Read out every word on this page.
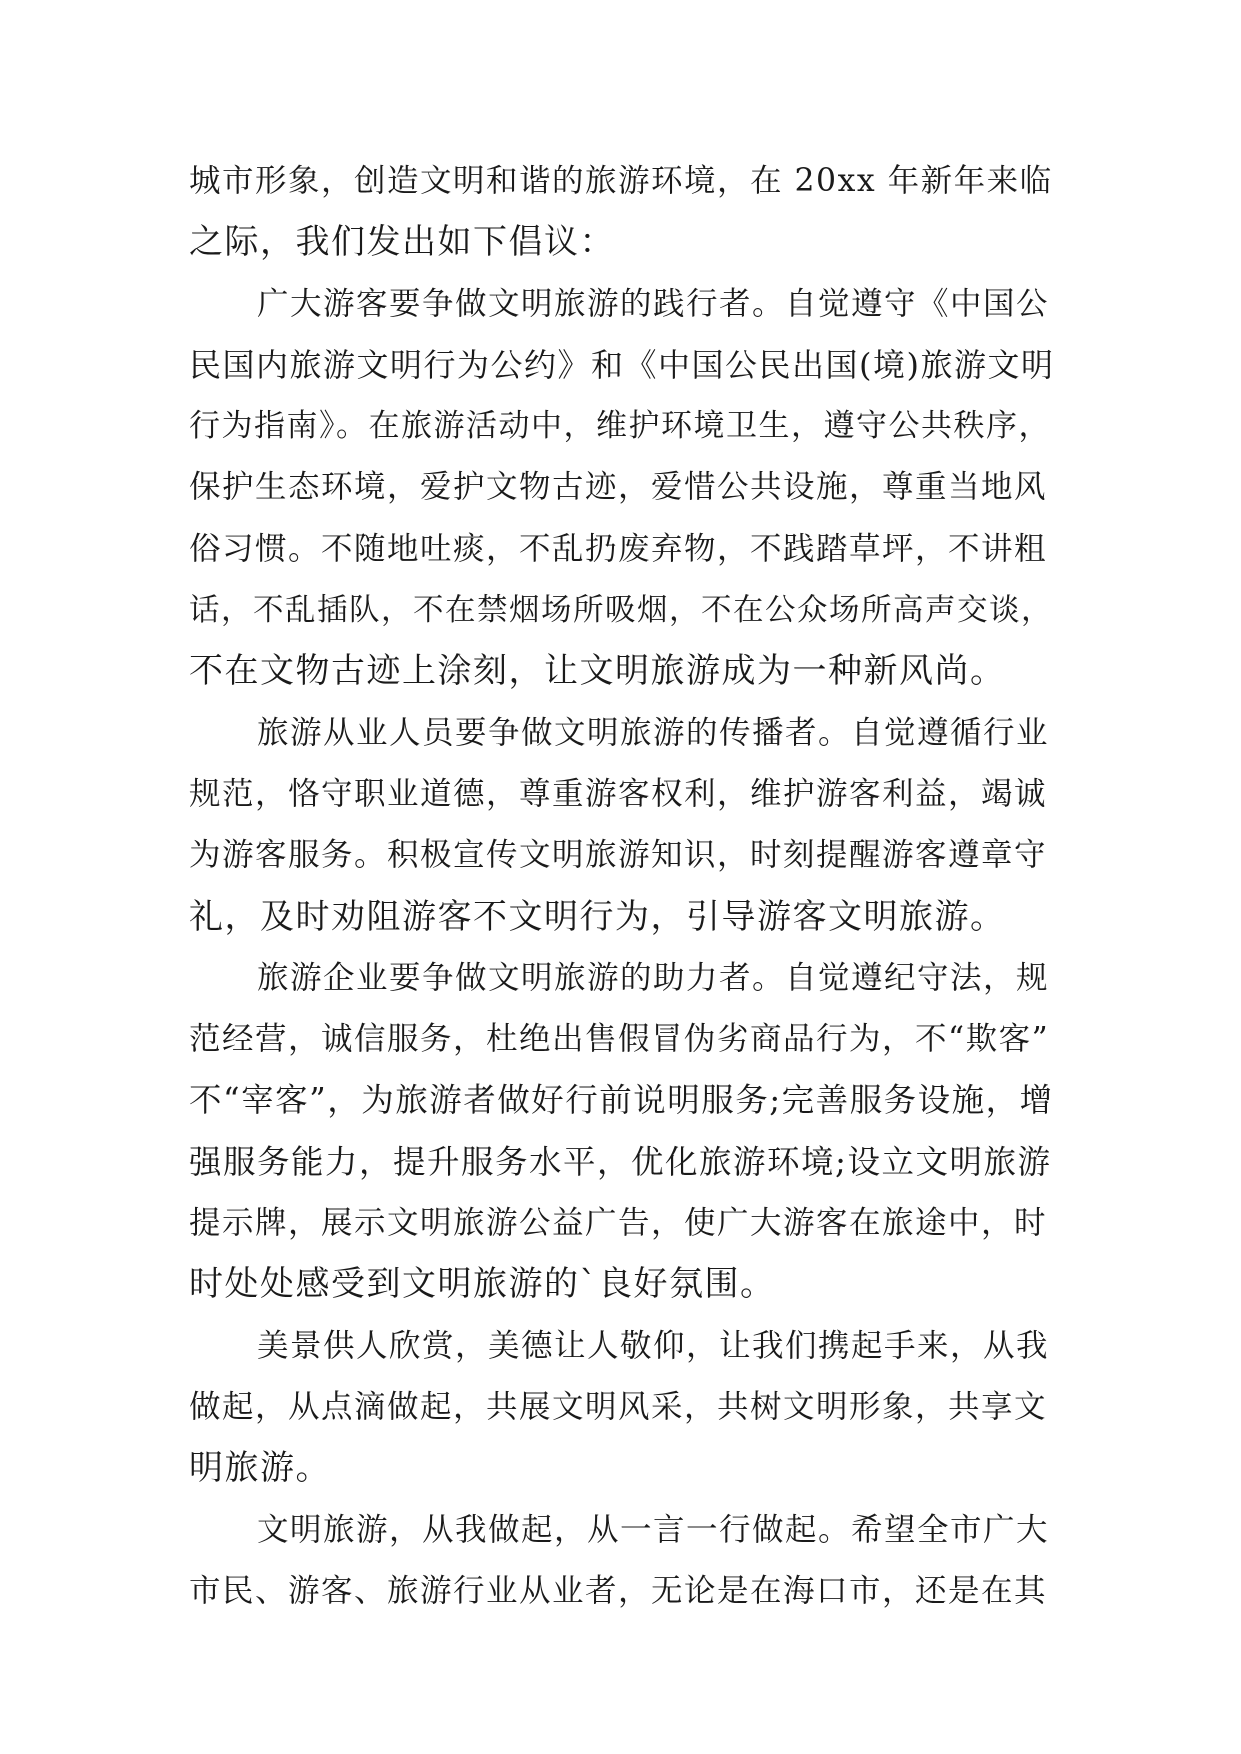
城市形象，创造文明和谐的旅游环境，在 20xx 年新年来临
之际，我们发出如下倡议：
广大游客要争做文明旅游的践行者。自觉遵守《中国公
民国内旅游文明行为公约》和《中国公民出国(境)旅游文明
行为指南》。在旅游活动中，维护环境卫生，遵守公共秩序，
保护生态环境，爱护文物古迹，爱惜公共设施，尊重当地风
俗习惯。不随地吐痰，不乱扔废弃物，不践踏草坪，不讲粗
话，不乱插队，不在禁烟场所吸烟，不在公众场所高声交谈，
不在文物古迹上涂刻，让文明旅游成为一种新风尚。
旅游从业人员要争做文明旅游的传播者。自觉遵循行业
规范，恪守职业道德，尊重游客权利，维护游客利益，竭诚
为游客服务。积极宣传文明旅游知识，时刻提醒游客遵章守
礼，及时劝阻游客不文明行为，引导游客文明旅游。
旅游企业要争做文明旅游的助力者。自觉遵纪守法，规
范经营，诚信服务，杜绝出售假冒伪劣商品行为，不“欺客”
不“宰客”，为旅游者做好行前说明服务;完善服务设施，增
强服务能力，提升服务水平，优化旅游环境;设立文明旅游
提示牌，展示文明旅游公益广告，使广大游客在旅途中，时
时处处感受到文明旅游的`良好氛围。
美景供人欣赏，美德让人敬仰，让我们携起手来，从我
做起，从点滴做起，共展文明风采，共树文明形象，共享文
明旅游。
文明旅游，从我做起，从一言一行做起。希望全市广大
市民、游客、旅游行业从业者，无论是在海口市，还是在其
